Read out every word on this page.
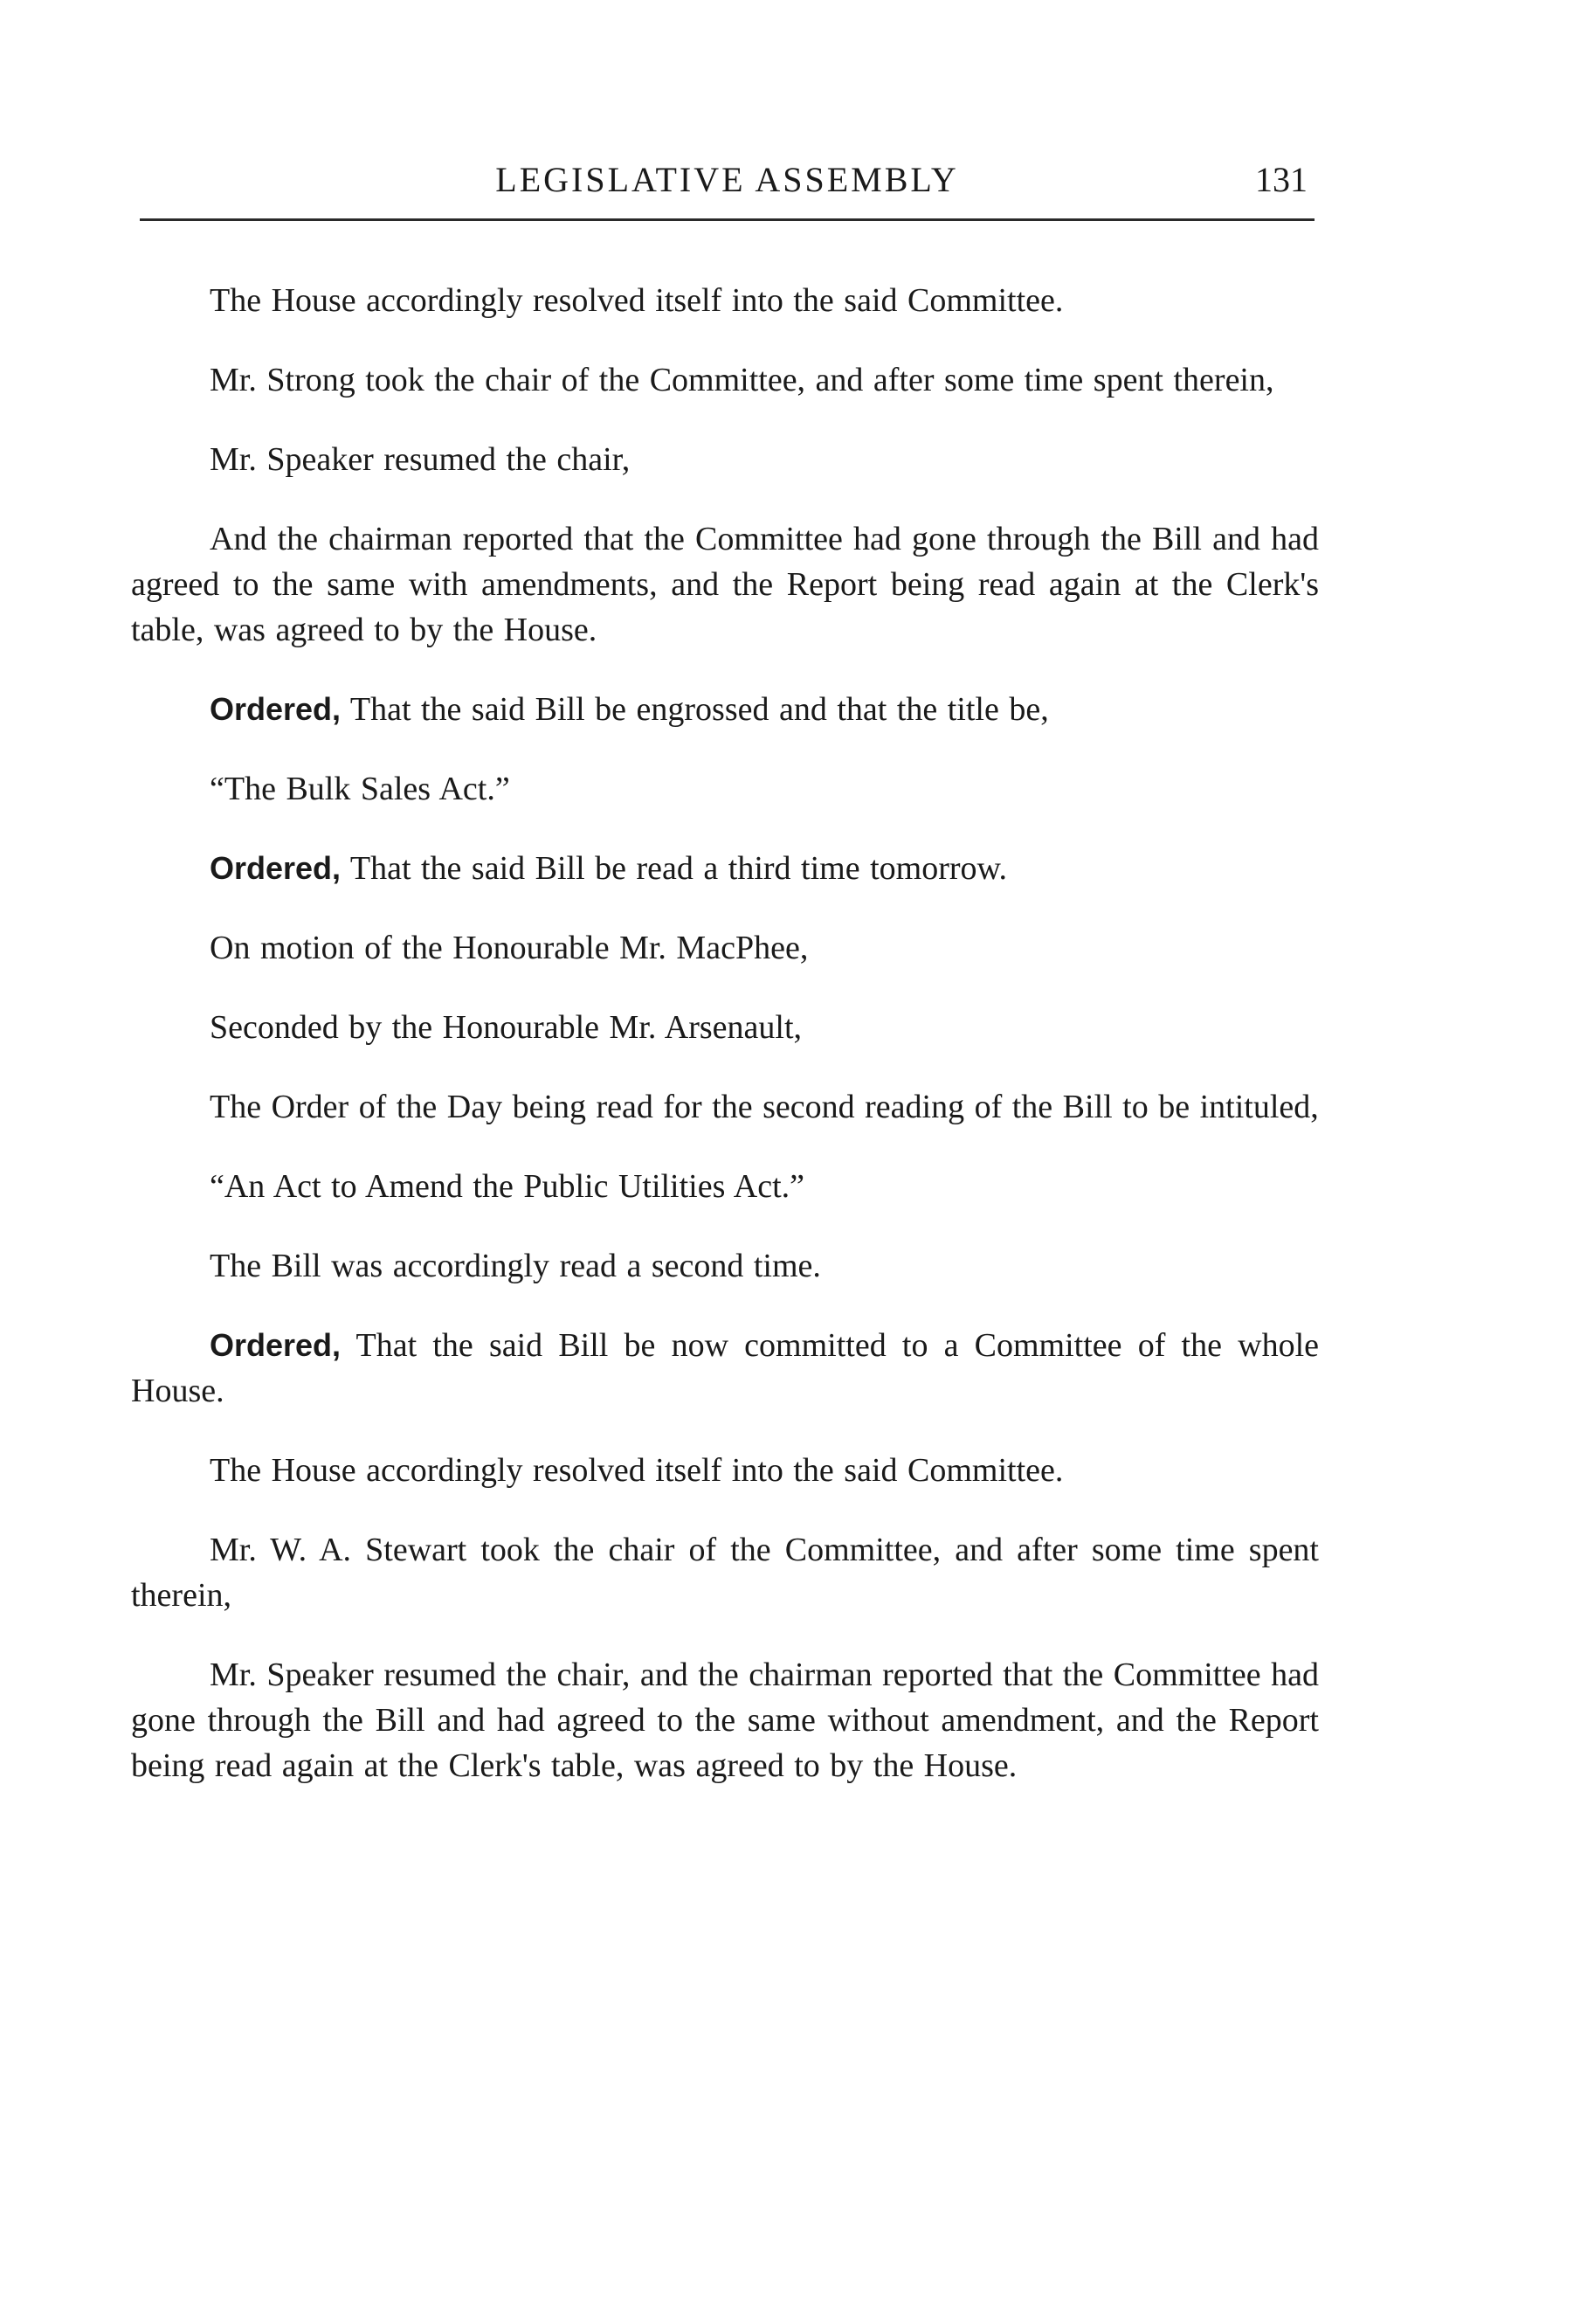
LEGISLATIVE ASSEMBLY	131

The House accordingly resolved itself into the said Committee.

Mr. Strong took the chair of the Committee, and after some time spent therein,

Mr. Speaker resumed the chair,

And the chairman reported that the Committee had gone through the Bill and had agreed to the same with amendments, and the Report being read again at the Clerk's table, was agreed to by the House.

Ordered, That the said Bill be engrossed and that the title be,

“The Bulk Sales Act.”

Ordered, That the said Bill be read a third time tomorrow.

On motion of the Honourable Mr. MacPhee,

Seconded by the Honourable Mr. Arsenault,

The Order of the Day being read for the second reading of the Bill to be intituled,

“An Act to Amend the Public Utilities Act.”

The Bill was accordingly read a second time.

Ordered, That the said Bill be now committed to a Committee of the whole House.

The House accordingly resolved itself into the said Committee.

Mr. W. A. Stewart took the chair of the Committee, and after some time spent therein,

Mr. Speaker resumed the chair, and the chairman reported that the Committee had gone through the Bill and had agreed to the same without amendment, and the Report being read again at the Clerk's table, was agreed to by the House.
